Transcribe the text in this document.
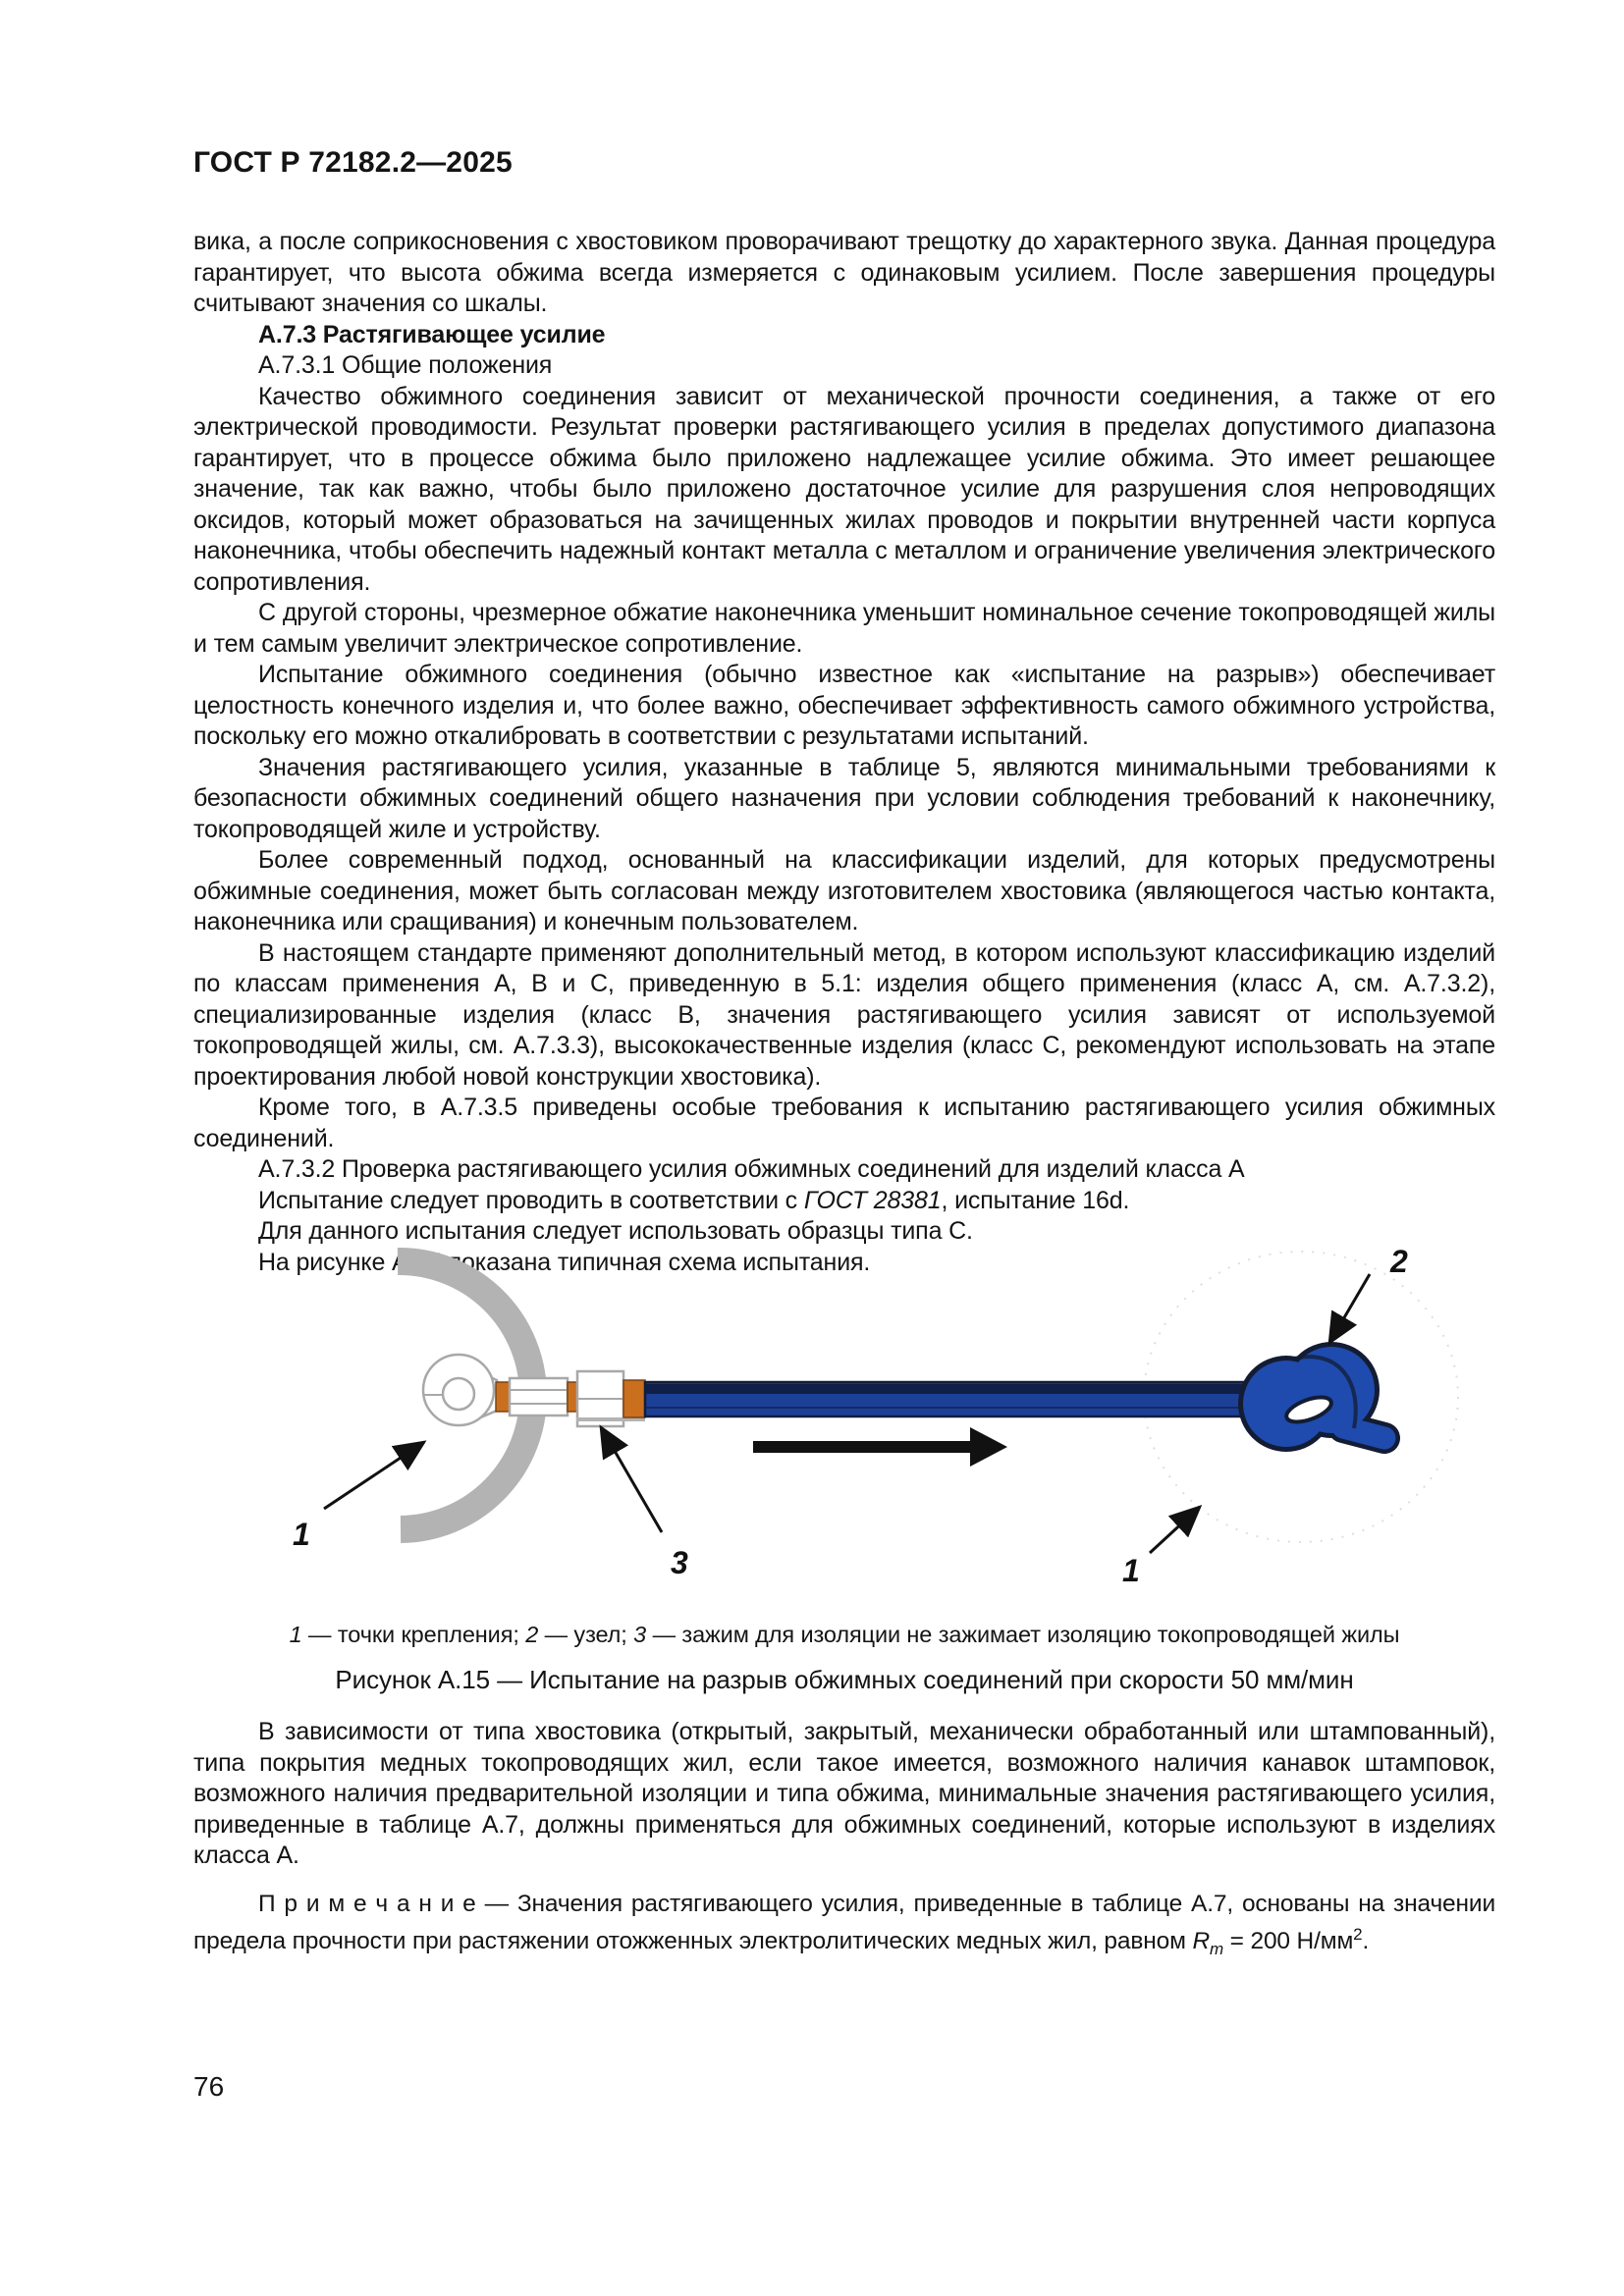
ГОСТ Р 72182.2—2025

вика, а после соприкосновения с хвостовиком проворачивают трещотку до характерного звука. Данная процедура гарантирует, что высота обжима всегда измеряется с одинаковым усилием. После завершения процедуры считывают значения со шкалы.

А.7.3 Растягивающее усилие

А.7.3.1 Общие положения

Качество обжимного соединения зависит от механической прочности соединения, а также от его электрической проводимости. Результат проверки растягивающего усилия в пределах допустимого диапазона гарантирует, что в процессе обжима было приложено надлежащее усилие обжима. Это имеет решающее значение, так как важно, чтобы было приложено достаточное усилие для разрушения слоя непроводящих оксидов, который может образоваться на зачищенных жилах проводов и покрытии внутренней части корпуса наконечника, чтобы обеспечить надежный контакт металла с металлом и ограничение увеличения электрического сопротивления.

С другой стороны, чрезмерное обжатие наконечника уменьшит номинальное сечение токопроводящей жилы и тем самым увеличит электрическое сопротивление.

Испытание обжимного соединения (обычно известное как «испытание на разрыв») обеспечивает целостность конечного изделия и, что более важно, обеспечивает эффективность самого обжимного устройства, поскольку его можно откалибровать в соответствии с результатами испытаний.

Значения растягивающего усилия, указанные в таблице 5, являются минимальными требованиями к безопасности обжимных соединений общего назначения при условии соблюдения требований к наконечнику, токопроводящей жиле и устройству.

Более современный подход, основанный на классификации изделий, для которых предусмотрены обжимные соединения, может быть согласован между изготовителем хвостовика (являющегося частью контакта, наконечника или сращивания) и конечным пользователем.

В настоящем стандарте применяют дополнительный метод, в котором используют классификацию изделий по классам применения А, В и С, приведенную в 5.1: изделия общего применения (класс А, см. А.7.3.2), специализированные изделия (класс В, значения растягивающего усилия зависят от используемой токопроводящей жилы, см. А.7.3.3), высококачественные изделия (класс С, рекомендуют использовать на этапе проектирования любой новой конструкции хвостовика).

Кроме того, в А.7.3.5 приведены особые требования к испытанию растягивающего усилия обжимных соединений.

А.7.3.2 Проверка растягивающего усилия обжимных соединений для изделий класса А

Испытание следует проводить в соответствии с ГОСТ 28381, испытание 16d.

Для данного испытания следует использовать образцы типа С.

На рисунке А.15 показана типичная схема испытания.

1
3
2
1
1 — точки крепления; 2 — узел; 3 — зажим для изоляции не зажимает изоляцию токопроводящей жилы
Рисунок А.15 — Испытание на разрыв обжимных соединений при скорости 50 мм/мин

В зависимости от типа хвостовика (открытый, закрытый, механически обработанный или штампованный), типа покрытия медных токопроводящих жил, если такое имеется, возможного наличия канавок штамповок, возможного наличия предварительной изоляции и типа обжима, минимальные значения растягивающего усилия, приведенные в таблице А.7, должны применяться для обжимных соединений, которые используют в изделиях класса А.

П р и м е ч а н и е — Значения растягивающего усилия, приведенные в таблице А.7, основаны на значении предела прочности при растяжении отожженных электролитических медных жил, равном $R_m = 200$ $Н/мм^2$.

76
